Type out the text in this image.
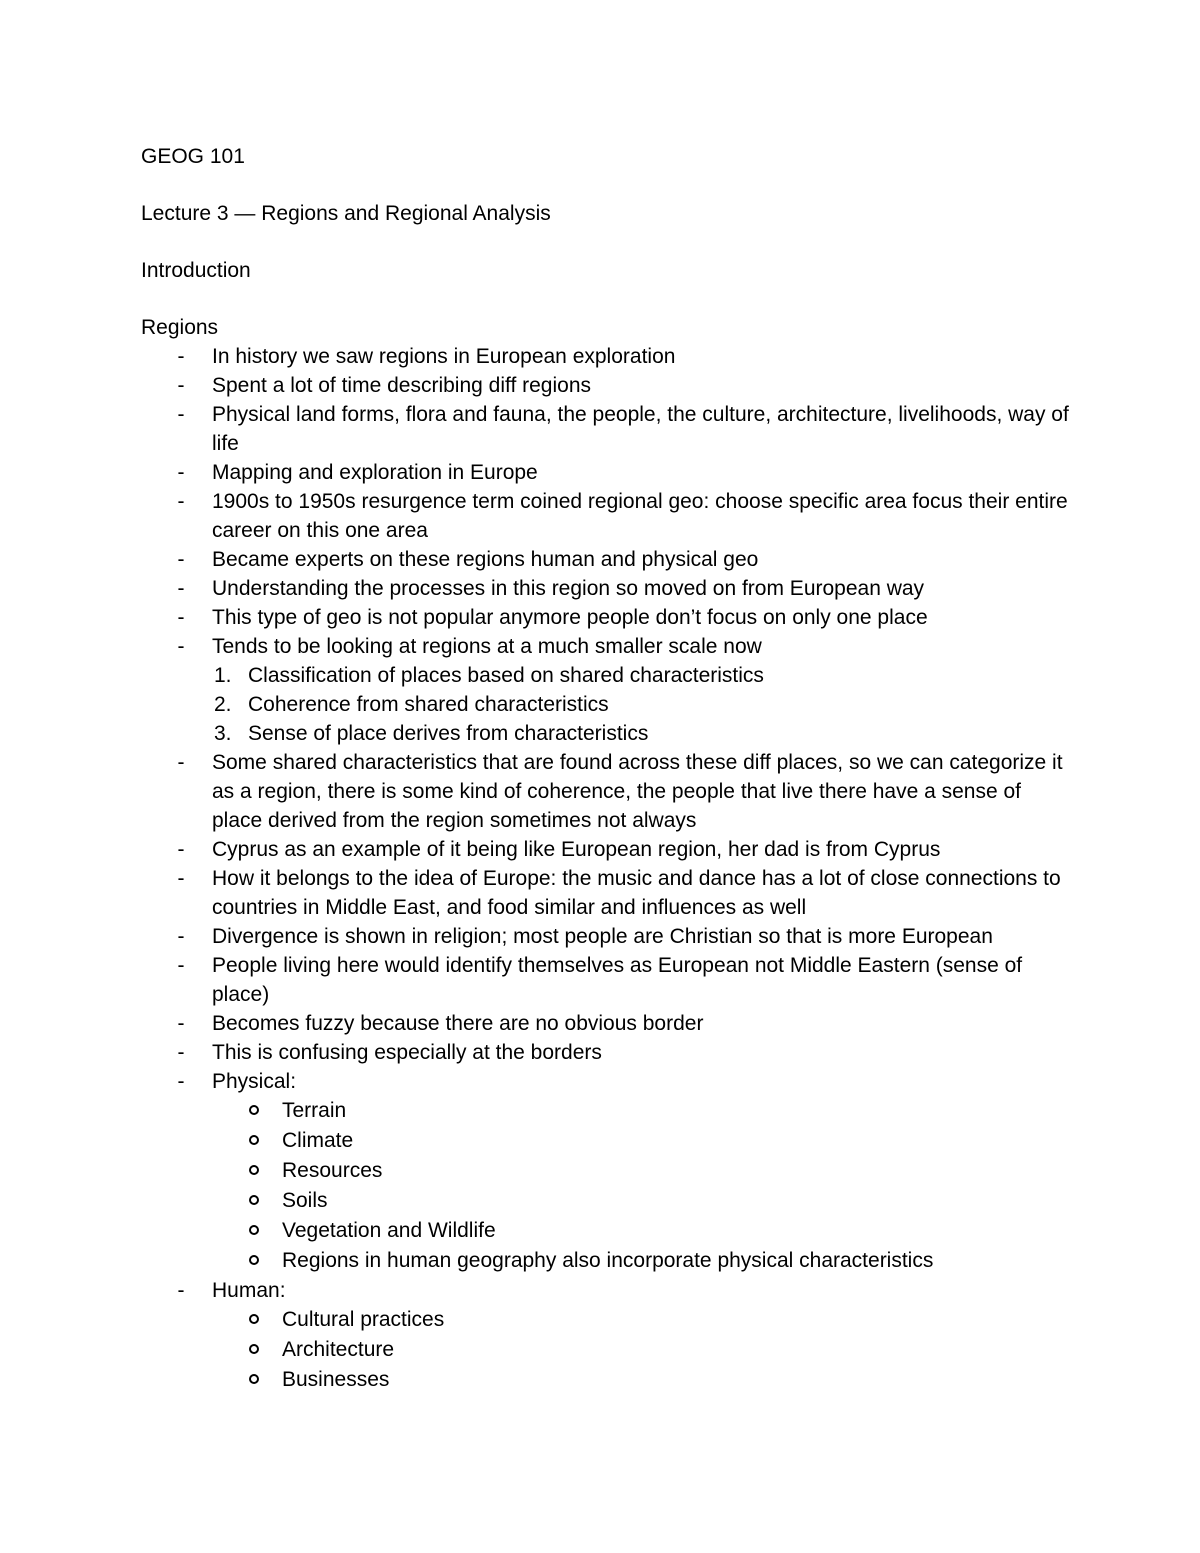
GEOG 101

Lecture 3 — Regions and Regional Analysis

Introduction

Regions

- In history we saw regions in European exploration
- Spent a lot of time describing diff regions
- Physical land forms, flora and fauna, the people, the culture, architecture, livelihoods, way of life
- Mapping and exploration in Europe
- 1900s to 1950s resurgence term coined regional geo: choose specific area focus their entire career on this one area
- Became experts on these regions human and physical geo
- Understanding the processes in this region so moved on from European way
- This type of geo is not popular anymore people don’t focus on only one place
- Tends to be looking at regions at a much smaller scale now
1. Classification of places based on shared characteristics
2. Coherence from shared characteristics
3. Sense of place derives from characteristics
- Some shared characteristics that are found across these diff places, so we can categorize it as a region, there is some kind of coherence, the people that live there have a sense of place derived from the region sometimes not always
- Cyprus as an example of it being like European region, her dad is from Cyprus
- How it belongs to the idea of Europe: the music and dance has a lot of close connections to countries in Middle East, and food similar and influences as well
- Divergence is shown in religion; most people are Christian so that is more European
- People living here would identify themselves as European not Middle Eastern (sense of place)
- Becomes fuzzy because there are no obvious border
- This is confusing especially at the borders
- Physical:
Terrain
Climate
Resources
Soils
Vegetation and Wildlife
Regions in human geography also incorporate physical characteristics
- Human:
Cultural practices
Architecture
Businesses
